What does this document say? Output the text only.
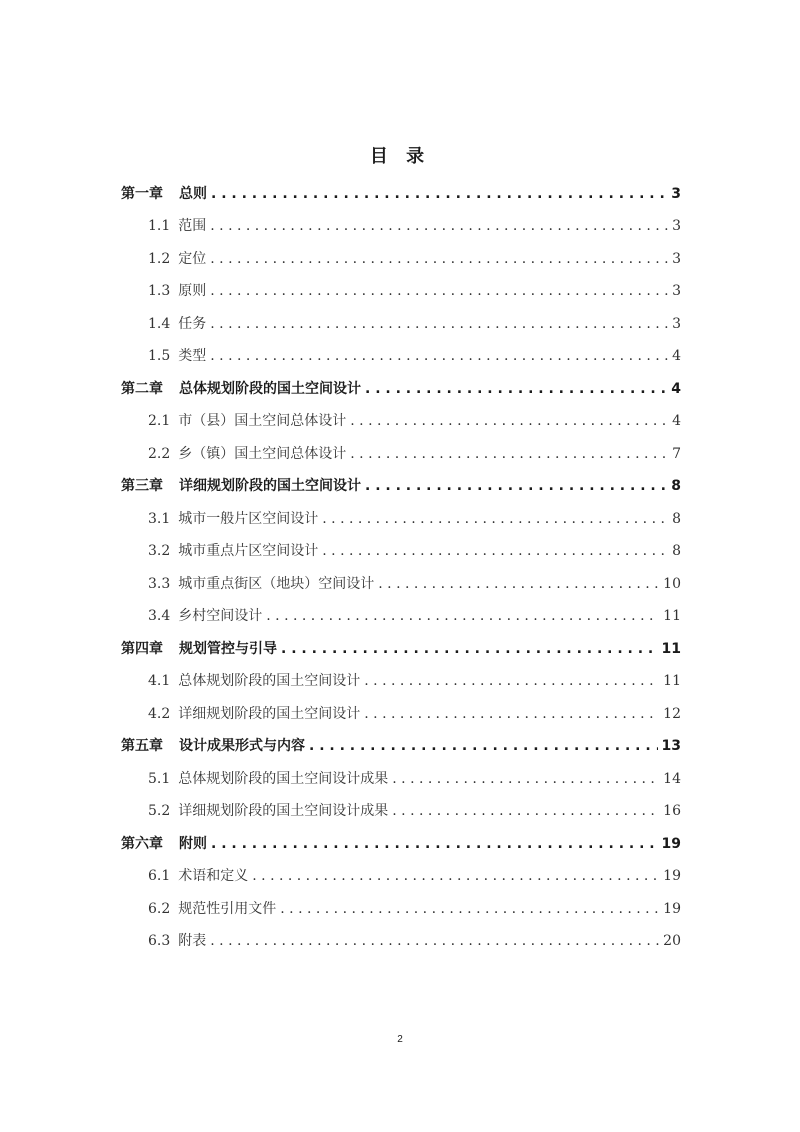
目 录
第一章 总则 . . .	3
1.1 范围 . . .	3
1.2 定位 . . .	3
1.3 原则 . . .	3
1.4 任务 . . .	3
1.5 类型 . . .	4
第二章 总体规划阶段的国土空间设计 . . .	4
2.1 市（县）国土空间总体设计 . . .	4
2.2 乡（镇）国土空间总体设计 . . .	7
第三章 详细规划阶段的国土空间设计 . . .	8
3.1 城市一般片区空间设计 . . .	8
3.2 城市重点片区空间设计 . . .	8
3.3 城市重点街区（地块）空间设计 . . .	10
3.4 乡村空间设计 . . .	11
第四章 规划管控与引导 . . .	11
4.1 总体规划阶段的国土空间设计 . . .	11
4.2 详细规划阶段的国土空间设计 . . .	12
第五章 设计成果形式与内容 . . .	13
5.1 总体规划阶段的国土空间设计成果 . . .	14
5.2 详细规划阶段的国土空间设计成果 . . .	16
第六章 附则 . . .	19
6.1 术语和定义 . . .	19
6.2 规范性引用文件 . . .	19
6.3 附表 . . .	20
2
